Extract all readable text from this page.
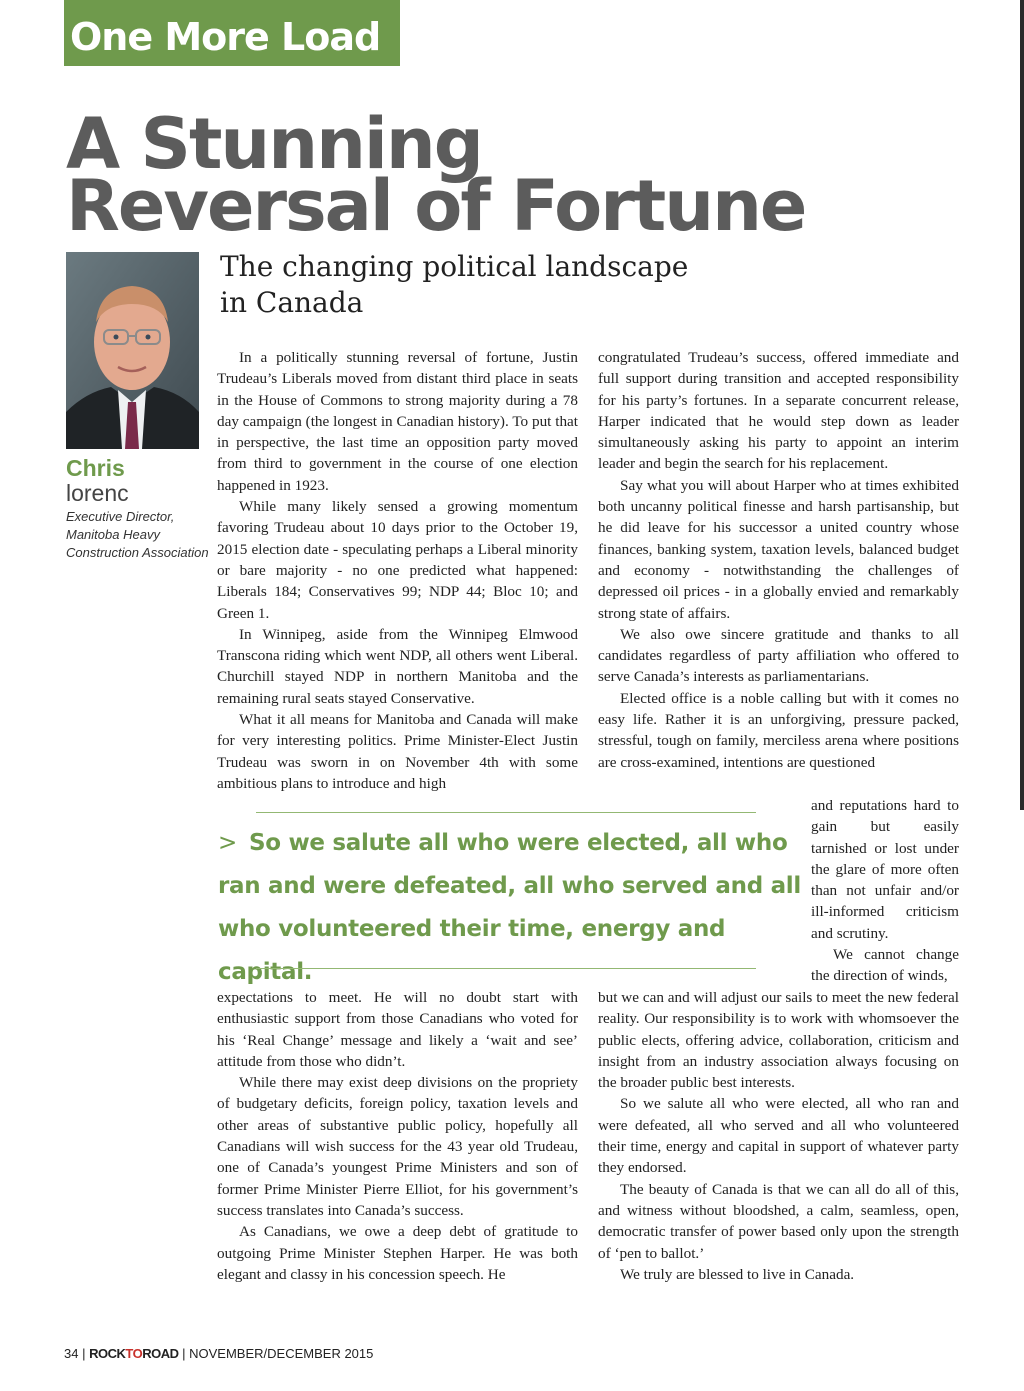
One More Load
A Stunning
Reversal of Fortune
The changing political landscape
in Canada
Chris
lorenc
Executive Director, Manitoba Heavy Construction Association

In a politically stunning reversal of fortune, Justin Trudeau’s Liberals moved from distant third place in seats in the House of Commons to strong majority during a 78 day campaign (the longest in Canadian history). To put that in perspective, the last time an opposition party moved from third to government in the course of one election happened in 1923.

While many likely sensed a growing momentum favoring Trudeau about 10 days prior to the October 19, 2015 election date - speculating perhaps a Liberal minority or bare majority - no one predicted what happened: Liberals 184; Conservatives 99; NDP 44; Bloc 10; and Green 1.

In Winnipeg, aside from the Winnipeg Elmwood Transcona riding which went NDP, all others went Liberal. Churchill stayed NDP in northern Manitoba and the remaining rural seats stayed Conservative.

What it all means for Manitoba and Canada will make for very interesting politics. Prime Minister-Elect Justin Trudeau was sworn in on November 4th with some ambitious plans to introduce and high

congratulated Trudeau’s success, offered immediate and full support during transition and accepted responsibility for his party’s fortunes. In a separate concurrent release, Harper indicated that he would step down as leader simultaneously asking his party to appoint an interim leader and begin the search for his replacement.

Say what you will about Harper who at times exhibited both uncanny political finesse and harsh partisanship, but he did leave for his successor a united country whose finances, banking system, taxation levels, balanced budget and economy - notwithstanding the challenges of depressed oil prices - in a globally envied and remarkably strong state of affairs.

We also owe sincere gratitude and thanks to all candidates regardless of party affiliation who offered to serve Canada’s interests as parliamentarians.

Elected office is a noble calling but with it comes no easy life. Rather it is an unforgiving, pressure packed, stressful, tough on family, merciless arena where positions are cross-examined, intentions are questioned

and reputations hard to gain but easily tarnished or lost under the glare of more often than not unfair and/or ill-informed criticism and scrutiny.

We cannot change the direction of winds,

> So we salute all who were elected, all who ran and were defeated, all who served and all who volunteered their time, energy and capital.

expectations to meet. He will no doubt start with enthusiastic support from those Canadians who voted for his ‘Real Change’ message and likely a ‘wait and see’ attitude from those who didn’t.

While there may exist deep divisions on the propriety of budgetary deficits, foreign policy, taxation levels and other areas of substantive public policy, hopefully all Canadians will wish success for the 43 year old Trudeau, one of Canada’s youngest Prime Ministers and son of former Prime Minister Pierre Elliot, for his government’s success translates into Canada’s success.

As Canadians, we owe a deep debt of gratitude to outgoing Prime Minister Stephen Harper. He was both elegant and classy in his concession speech. He

but we can and will adjust our sails to meet the new federal reality. Our responsibility is to work with whomsoever the public elects, offering advice, collaboration, criticism and insight from an industry association always focusing on the broader public best interests.

So we salute all who were elected, all who ran and were defeated, all who served and all who volunteered their time, energy and capital in support of whatever party they endorsed.

The beauty of Canada is that we can all do all of this, and witness without bloodshed, a calm, seamless, open, democratic transfer of power based only upon the strength of ‘pen to ballot.’

We truly are blessed to live in Canada.

34 | ROCKTOROAD | NOVEMBER/DECEMBER 2015
